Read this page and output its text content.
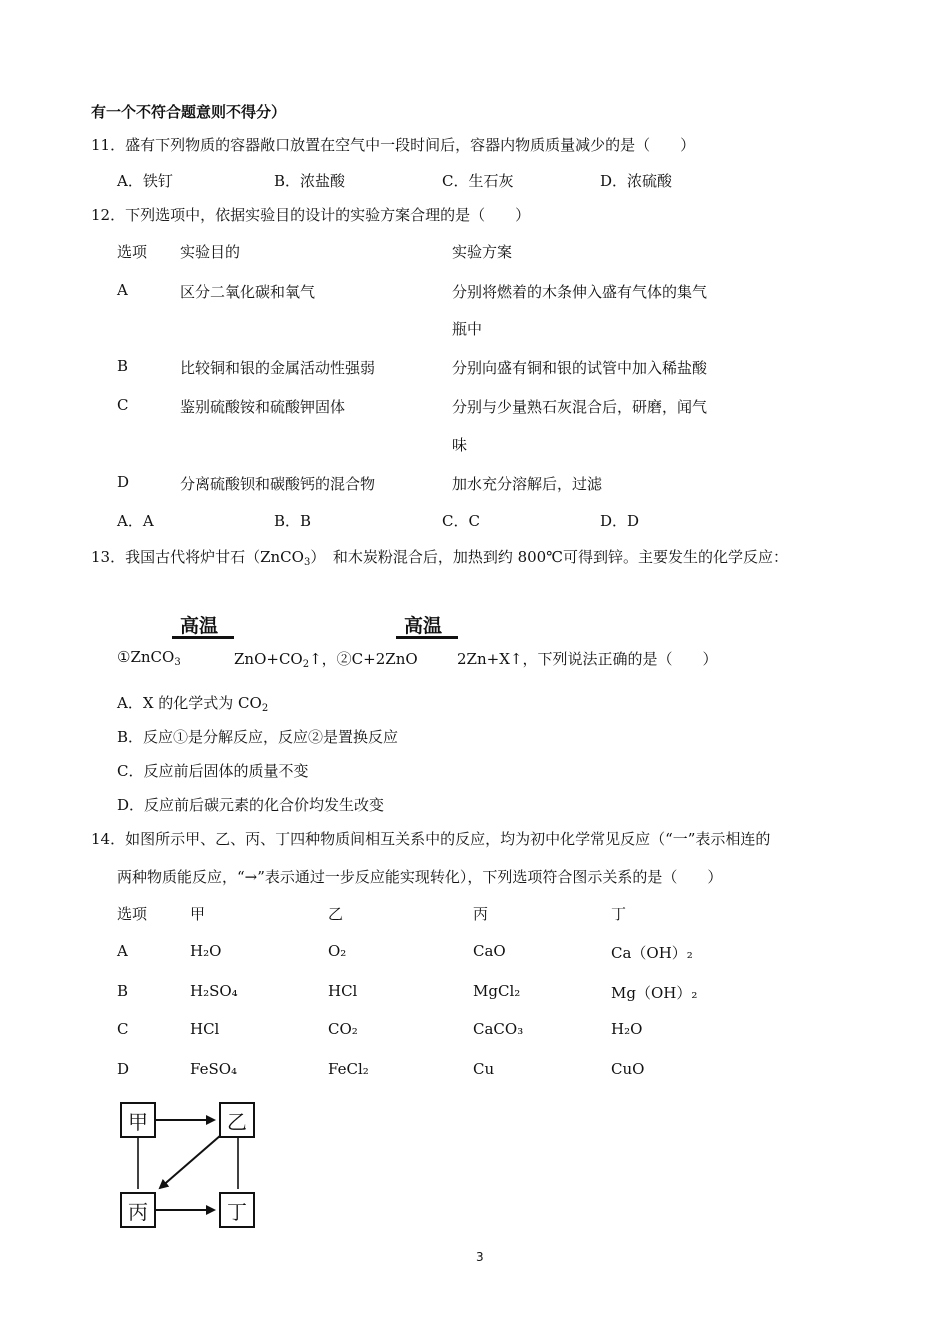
有一个不符合题意则不得分）
11．盛有下列物质的容器敞口放置在空气中一段时间后，容器内物质质量减少的是（　　）
A．铁钉	B．浓盐酸	C．生石灰	D．浓硫酸
12．下列选项中，依据实验目的设计的实验方案合理的是（　　）
选项 实验目的	实验方案
A	区分二氧化碳和氧气	分别将燃着的木条伸入盛有气体的集气
瓶中
B	比较铜和银的金属活动性强弱	分别向盛有铜和银的试管中加入稀盐酸
C	鉴别硫酸铵和硫酸钾固体	分别与少量熟石灰混合后，研磨，闻气
味
D	分离硫酸钡和碳酸钙的混合物	加水充分溶解后，过滤
A．A	B．B	C．C	D．D
13．我国古代将炉甘石（ZnCO$_3$）　和木炭粉混合后，加热到约 800℃可得到锌。主要发生的化学反应：
高温	高温
①ZnCO$_3$	$ZnO+CO_2↑$，②C+2ZnO	2Zn+X↑，下列说法正确的是（　　）
A．X 的化学式为 $CO_2$
B．反应①是分解反应，反应②是置换反应
C．反应前后固体的质量不变
D．反应前后碳元素的化合价均发生改变
14．如图所示甲、乙、丙、丁四种物质间相互关系中的反应，均为初中化学常见反应（“一”表示相连的
两种物质能反应，“→”表示通过一步反应能实现转化），下列选项符合图示关系的是（　　）
选项	甲	乙	丙	丁
A	H₂O	O₂	CaO	Ca（OH）₂
B	H₂SO₄	HCl	MgCl₂	Mg（OH）₂
C	HCl	CO₂	CaCO₃	H₂O
D	FeSO₄	FeCl₂	Cu	CuO
甲	乙
丙	丁
3
